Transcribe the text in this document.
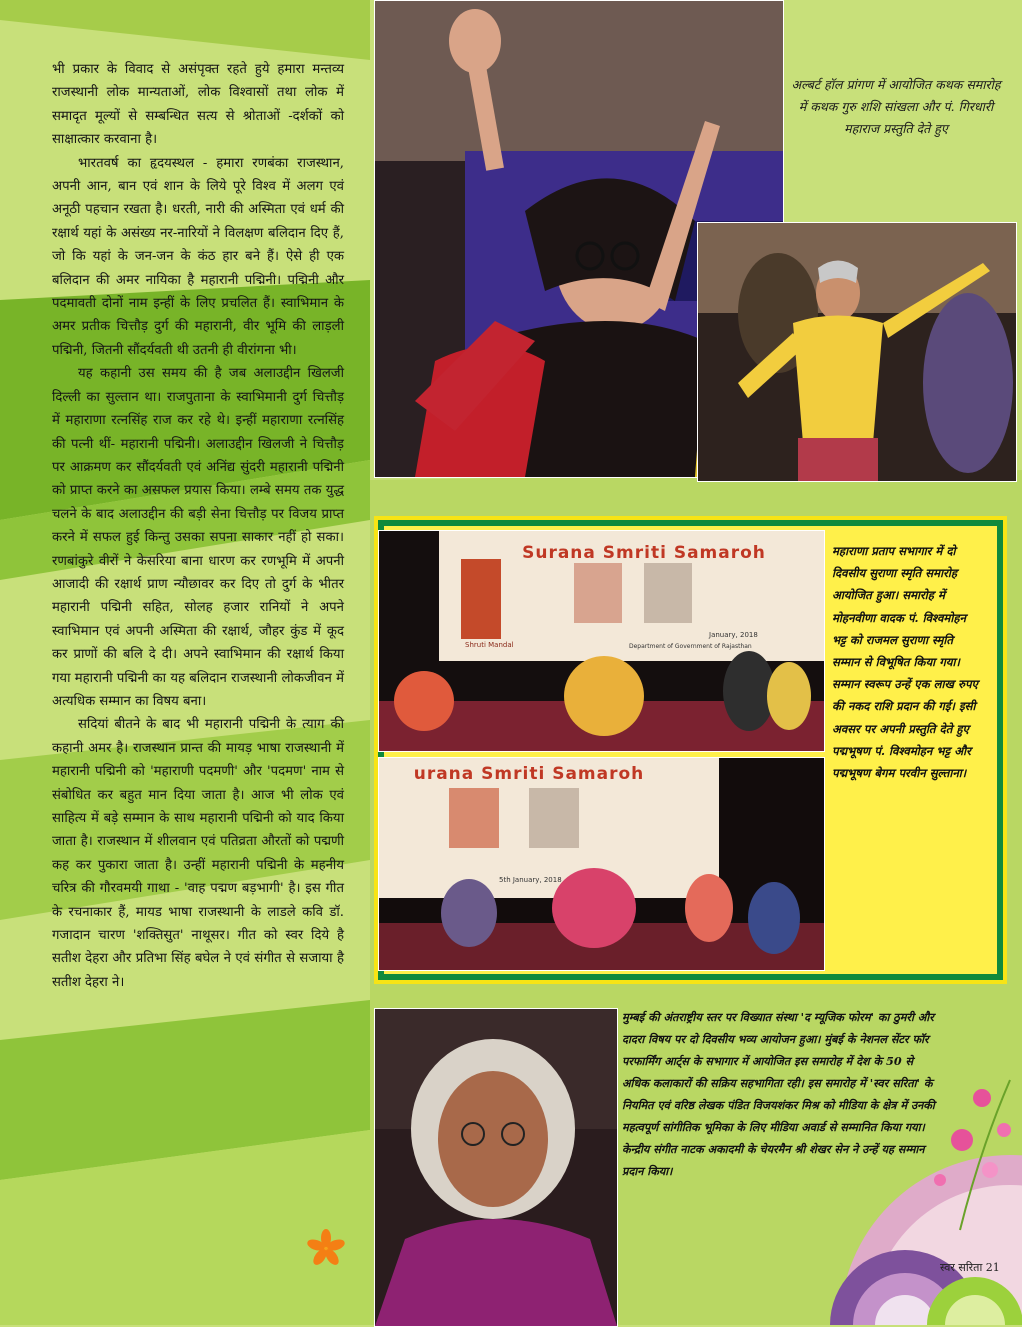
भी प्रकार के विवाद से असंपृक्त रहते हुये हमारा मन्तव्य राजस्थानी लोक मान्यताओं, लोक विश्वासों तथा लोक में समादृत मूल्यों से सम्बन्धित सत्य से श्रोताओं -दर्शकों को साक्षात्कार करवाना है।

भारतवर्ष का हृदयस्थल - हमारा रणबंका राजस्थान, अपनी आन, बान एवं शान के लिये पूरे विश्व में अलग एवं अनूठी पहचान रखता है। धरती, नारी की अस्मिता एवं धर्म की रक्षार्थ यहां के असंख्य नर-नारियों ने विलक्षण बलिदान दिए हैं, जो कि यहां के जन-जन के कंठ हार बने हैं। ऐसे ही एक बलिदान की अमर नायिका है महारानी पद्मिनी। पद्मिनी और पदमावती दोनों नाम इन्हीं के लिए प्रचलित हैं। स्वाभिमान के अमर प्रतीक चित्तौड़ दुर्ग की महारानी, वीर भूमि की लाड़ली पद्मिनी, जितनी सौंदर्यवती थी उतनी ही वीरांगना भी।

यह कहानी उस समय की है जब अलाउद्दीन खिलजी दिल्ली का सुल्तान था। राजपुताना के स्वाभिमानी दुर्ग चित्तौड़ में महाराणा रत्नसिंह राज कर रहे थे। इन्हीं महाराणा रत्नसिंह की पत्नी थीं- महारानी पद्मिनी। अलाउद्दीन खिलजी ने चित्तौड़ पर आक्रमण कर सौंदर्यवती एवं अनिंद्य सुंदरी महारानी पद्मिनी को प्राप्त करने का असफल प्रयास किया। लम्बे समय तक युद्ध चलने के बाद अलाउद्दीन की बड़ी सेना चित्तौड़ पर विजय प्राप्त करने में सफल हुई किन्तु उसका सपना साकार नहीं हो सका। रणबांकुरे वीरों ने केसरिया बाना धारण कर रणभूमि में अपनी आजादी की रक्षार्थ प्राण न्यौछावर कर दिए तो दुर्ग के भीतर महारानी पद्मिनी सहित, सोलह हजार रानियों ने अपने स्वाभिमान एवं अपनी अस्मिता की रक्षार्थ, जौहर कुंड में कूद कर प्राणों की बलि दे दी। अपने स्वाभिमान की रक्षार्थ किया गया महारानी पद्मिनी का यह बलिदान राजस्थानी लोकजीवन में अत्यधिक सम्मान का विषय बना।

सदियां बीतने के बाद भी महारानी पद्मिनी के त्याग की कहानी अमर है। राजस्थान प्रान्त की मायड़ भाषा राजस्थानी में महारानी पद्मिनी को 'महाराणी पदमणी' और 'पदमण' नाम से संबोधित कर बहुत मान दिया जाता है। आज भी लोक एवं साहित्य में बड़े सम्मान के साथ महारानी पद्मिनी को याद किया जाता है। राजस्थान में शीलवान एवं पतिव्रता औरतों को पद्मणी कह कर पुकारा जाता है। उन्हीं महारानी पद्मिनी के महनीय चरित्र की गौरवमयी गाथा - 'वाह पद्मण बड़भागी' है। इस गीत के रचनाकार हैं, मायड भाषा राजस्थानी के लाडले कवि डॉ. गजादान चारण 'शक्तिसुत' नाथूसर। गीत को स्वर दिये है सतीश देहरा और प्रतिभा सिंह बघेल ने एवं संगीत से सजाया है सतीश देहरा ने।

अल्बर्ट हॉल प्रांगण में आयोजित कथक समारोह में कथक गुरु शशि सांखला और पं. गिरधारी महाराज प्रस्तुति देते हुए
Surana Smriti Samaroh
Shruti Mandal
January, 2018
Department of Government of Rajasthan
urana Smriti Samaroh
5th January, 2018
महाराणा प्रताप सभागार में दो दिवसीय सुराणा स्मृति समारोह आयोजित हुआ। समारोह में मोहनवीणा वादक पं. विश्वमोहन भट्ट को राजमल सुराणा स्मृति सम्मान से विभूषित किया गया। सम्मान स्वरूप उन्हें एक लाख रुपए की नकद राशि प्रदान की गई। इसी अवसर पर अपनी प्रस्तुति देते हुए पद्मभूषण पं. विश्वमोहन भट्ट और पद्मभूषण बेगम परवीन सुल्ताना।
मुम्बई की अंतराष्ट्रीय स्तर पर विख्यात संस्था 'द म्यूजिक फोरम' का ठुमरी और दादरा विषय पर दो दिवसीय भव्य आयोजन हुआ। मुंबई के नेशनल सेंटर फॉर परफार्मिंग आर्ट्स के सभागार में आयोजित इस समारोह में देश के 50 से अधिक कलाकारों की सक्रिय सहभागिता रही। इस समारोह में 'स्वर सरिता' के नियमित एवं वरिष्ठ लेखक पंडित विजयशंकर मिश्र को मीडिया के क्षेत्र में उनकी महत्वपूर्ण सांगीतिक भूमिका के लिए मीडिया अवार्ड से सम्मानित किया गया। केन्द्रीय संगीत नाटक अकादमी के चेयरमैन श्री शेखर सेन ने उन्हें यह सम्मान प्रदान किया।
स्वर सरिता 21
